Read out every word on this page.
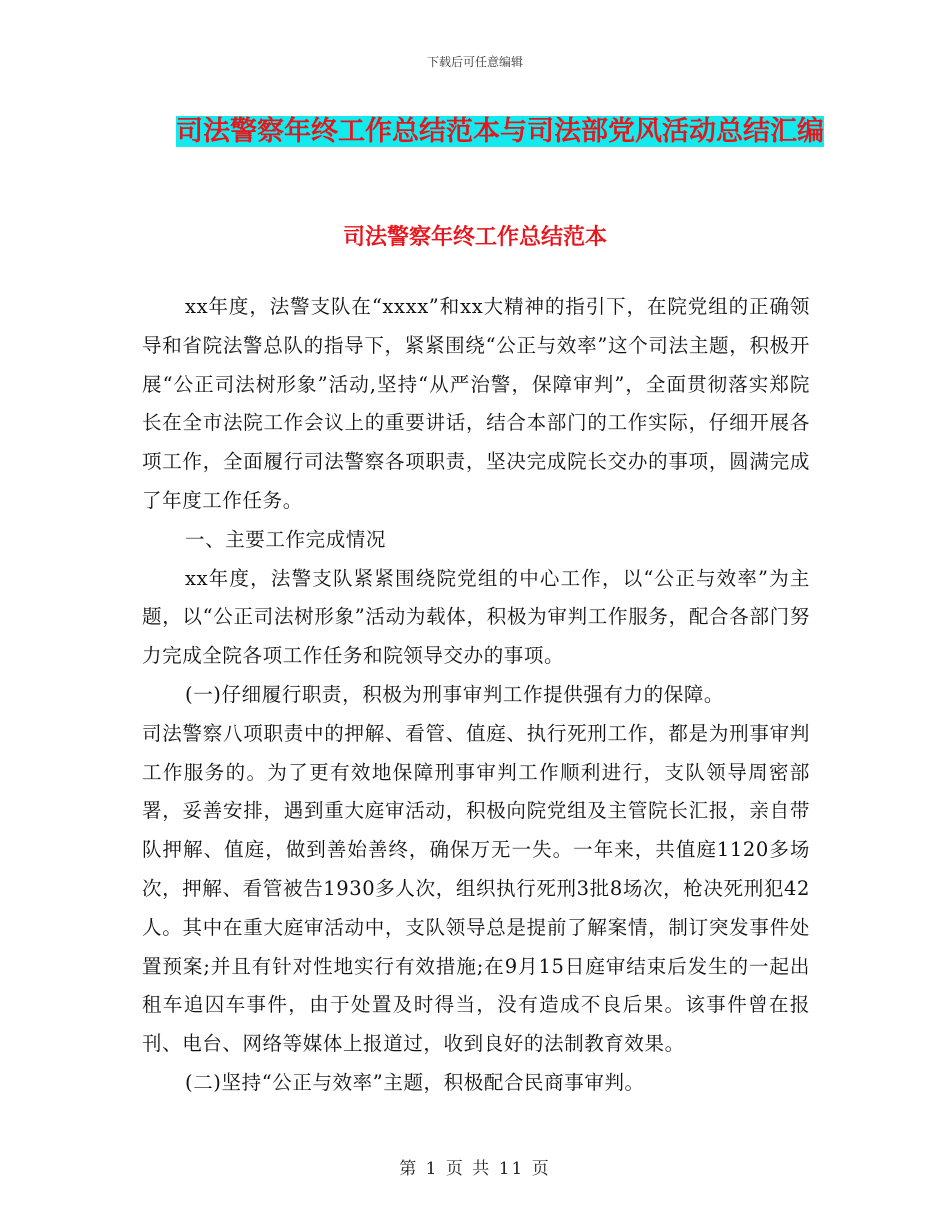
下载后可任意编辑
司法警察年终工作总结范本与司法部党风活动总结汇编
司法警察年终工作总结范本

xx年度，法警支队在“xxxx”和xx大精神的指引下，在院党组的正确领导和省院法警总队的指导下，紧紧围绕“公正与效率”这个司法主题，积极开展“公正司法树形象”活动,坚持“从严治警，保障审判”，全面贯彻落实郑院长在全市法院工作会议上的重要讲话，结合本部门的工作实际，仔细开展各项工作，全面履行司法警察各项职责，坚决完成院长交办的事项，圆满完成了年度工作任务。

一、主要工作完成情况

xx年度，法警支队紧紧围绕院党组的中心工作，以“公正与效率”为主题，以“公正司法树形象”活动为载体，积极为审判工作服务，配合各部门努力完成全院各项工作任务和院领导交办的事项。

(一)仔细履行职责，积极为刑事审判工作提供强有力的保障。

司法警察八项职责中的押解、看管、值庭、执行死刑工作，都是为刑事审判工作服务的。为了更有效地保障刑事审判工作顺利进行，支队领导周密部署，妥善安排，遇到重大庭审活动，积极向院党组及主管院长汇报，亲自带队押解、值庭，做到善始善终，确保万无一失。一年来，共值庭1120多场次，押解、看管被告1930多人次，组织执行死刑3批8场次，枪决死刑犯42人。其中在重大庭审活动中，支队领导总是提前了解案情，制订突发事件处置预案;并且有针对性地实行有效措施;在9月15日庭审结束后发生的一起出租车追囚车事件，由于处置及时得当，没有造成不良后果。该事件曾在报刊、电台、网络等媒体上报道过，收到良好的法制教育效果。

(二)坚持“公正与效率”主题，积极配合民商事审判。

第 1 页 共 11 页
